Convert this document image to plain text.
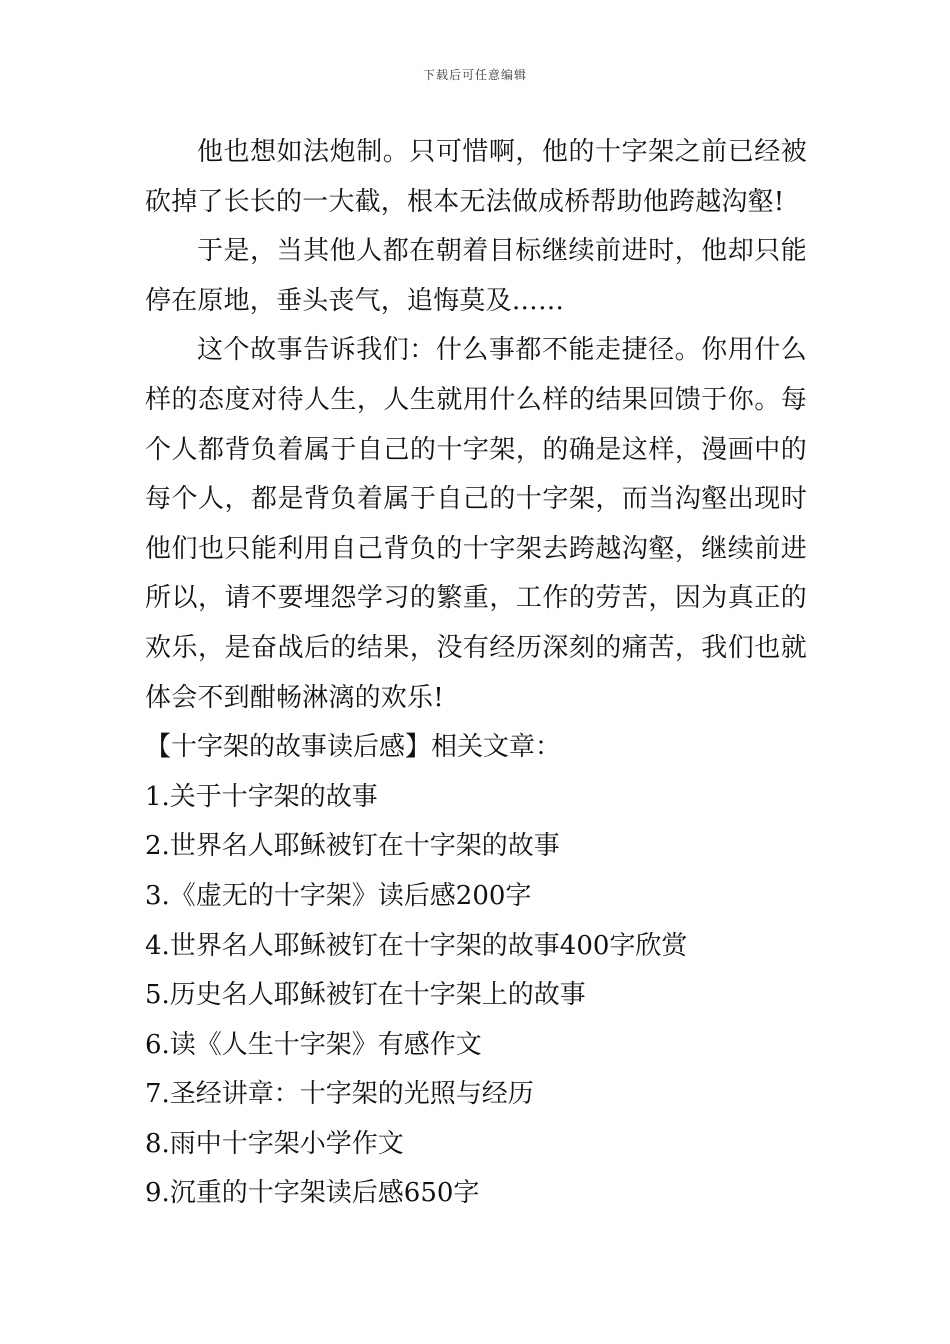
下载后可任意编辑

他也想如法炮制。只可惜啊，他的十字架之前已经被砍掉了长长的一大截，根本无法做成桥帮助他跨越沟壑!

于是，当其他人都在朝着目标继续前进时，他却只能停在原地，垂头丧气，追悔莫及……

这个故事告诉我们：什么事都不能走捷径。你用什么样的态度对待人生，人生就用什么样的结果回馈于你。每个人都背负着属于自己的十字架，的确是这样，漫画中的每个人，都是背负着属于自己的十字架，而当沟壑出现时他们也只能利用自己背负的十字架去跨越沟壑，继续前进所以，请不要埋怨学习的繁重，工作的劳苦，因为真正的欢乐，是奋战后的结果，没有经历深刻的痛苦，我们也就体会不到酣畅淋漓的欢乐!

【十字架的故事读后感】相关文章：

1.关于十字架的故事
2.世界名人耶稣被钉在十字架的故事
3.《虚无的十字架》读后感200字
4.世界名人耶稣被钉在十字架的故事400字欣赏
5.历史名人耶稣被钉在十字架上的故事
6.读《人生十字架》有感作文
7.圣经讲章：十字架的光照与经历
8.雨中十字架小学作文
9.沉重的十字架读后感650字
